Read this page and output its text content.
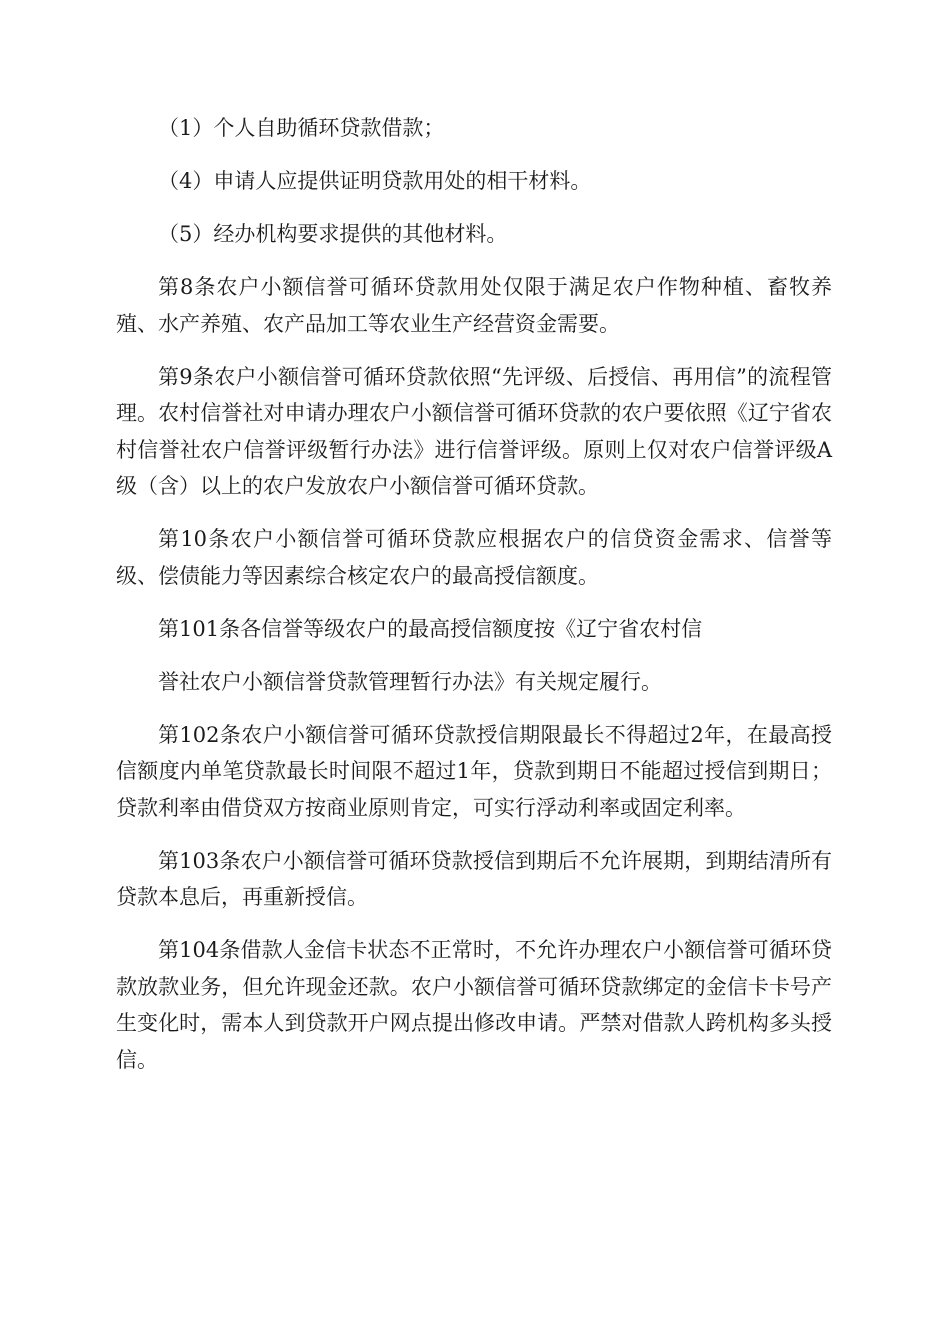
（1）个人自助循环贷款借款；

（4）申请人应提供证明贷款用处的相干材料。

（5）经办机构要求提供的其他材料。

第8条农户小额信誉可循环贷款用处仅限于满足农户作物种植、畜牧养殖、水产养殖、农产品加工等农业生产经营资金需要。

第9条农户小额信誉可循环贷款依照“先评级、后授信、再用信”的流程管理。农村信誉社对申请办理农户小额信誉可循环贷款的农户要依照《辽宁省农村信誉社农户信誉评级暂行办法》进行信誉评级。原则上仅对农户信誉评级A级（含）以上的农户发放农户小额信誉可循环贷款。

第10条农户小额信誉可循环贷款应根据农户的信贷资金需求、信誉等级、偿债能力等因素综合核定农户的最高授信额度。

第101条各信誉等级农户的最高授信额度按《辽宁省农村信

誉社农户小额信誉贷款管理暂行办法》有关规定履行。

第102条农户小额信誉可循环贷款授信期限最长不得超过2年，在最高授信额度内单笔贷款最长时间限不超过1年，贷款到期日不能超过授信到期日；贷款利率由借贷双方按商业原则肯定，可实行浮动利率或固定利率。

第103条农户小额信誉可循环贷款授信到期后不允许展期，到期结清所有贷款本息后，再重新授信。

第104条借款人金信卡状态不正常时，不允许办理农户小额信誉可循环贷款放款业务，但允许现金还款。农户小额信誉可循环贷款绑定的金信卡卡号产生变化时，需本人到贷款开户网点提出修改申请。严禁对借款人跨机构多头授信。
